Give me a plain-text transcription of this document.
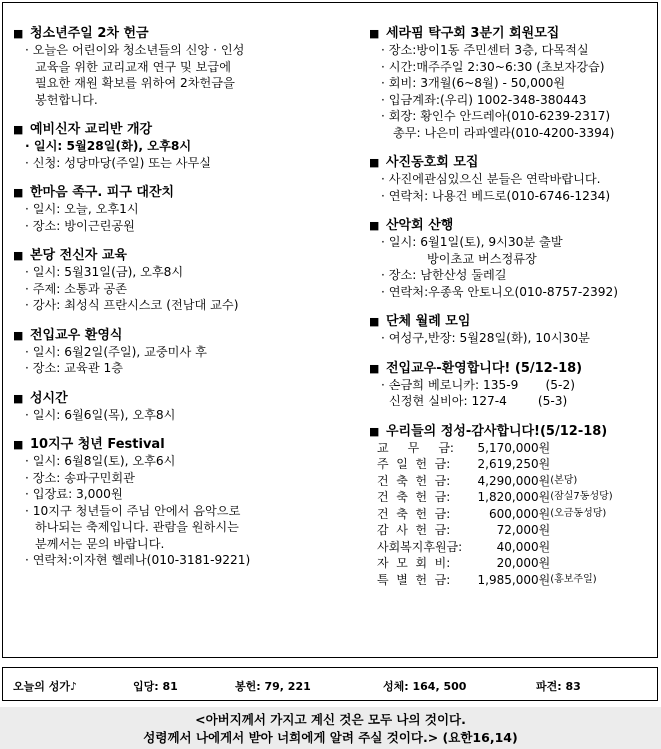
■ 청소년주일 2차 헌금
· 오늘은 어린이와 청소년들의 신앙 · 인성
교육을 위한 교리교재 연구 및 보급에
필요한 재원 확보를 위하여 2차헌금을
봉헌합니다.
■ 예비신자 교리반 개강
· 일시: 5월28일(화), 오후8시
· 신청: 성당마당(주일) 또는 사무실
■ 한마음 족구. 피구 대잔치
· 일시: 오늘, 오후1시
· 장소: 방이근린공원
■ 본당 전신자 교육
· 일시: 5월31일(금), 오후8시
· 주제: 소통과 공존
· 강사: 최성식 프란시스코 (전남대 교수)
■ 전입교우 환영식
· 일시: 6월2일(주일), 교중미사 후
· 장소: 교육관 1층
■ 성시간
· 일시: 6월6일(목), 오후8시
■ 10지구 청년 Festival
· 일시: 6월8일(토), 오후6시
· 장소: 송파구민회관
· 입장료: 3,000원
· 10지구 청년들이 주님 안에서 음악으로
하나되는 축제입니다. 관람을 원하시는
분께서는 문의 바랍니다.
· 연락처:이자현 헬레나(010-3181-9221)
■ 세라핌 탁구회 3분기 회원모집
· 장소:방이1동 주민센터 3층, 다목적실
· 시간:매주주일 2:30~6:30 (초보자강습)
· 회비: 3개월(6~8월) - 50,000원
· 입금계좌:(우리) 1002-348-380443
· 회장: 황인수 안드레아(010-6239-2317)
총무: 나은미 라파엘라(010-4200-3394)
■ 사진동호회 모집
· 사진에관심있으신 분들은 연락바랍니다.
· 연락처: 나용건 베드로(010-6746-1234)
■ 산악회 산행
· 일시: 6월1일(토), 9시30분 출발
방이초교 버스정류장
· 장소: 남한산성 둘레길
· 연락처:우종욱 안토니오(010-8757-2392)
■ 단체 월례 모임
· 여성구,반장: 5월28일(화), 10시30분
■ 전입교우-환영합니다! (5/12-18)
· 손금희 베로니카: 135-9       (5-2)
신정현 실비아: 127-4        (5-3)
■ 우리들의 정성-감사합니다!(5/12-18)
교     무     금:	5,170,000원	
주  일  헌  금:	2,619,250원	
건  축  헌  금:	4,290,000원	(본당)
건  축  헌  금:	1,820,000원	(잠실7동성당)
건  축  헌  금:	600,000원	(오금동성당)
감  사  헌  금:	72,000원	
사회복지후원금:	40,000원	
자  모  회  비:	20,000원	
특  별  헌  금:	1,985,000원	(홍보주일)
오늘의 성가♪	입당: 81	봉헌: 79, 221	성체: 164, 500	파견: 83
<아버지께서 가지고 계신 것은 모두 나의 것이다.
성령께서 나에게서 받아 너희에게 알려 주실 것이다.> (요한16,14)
